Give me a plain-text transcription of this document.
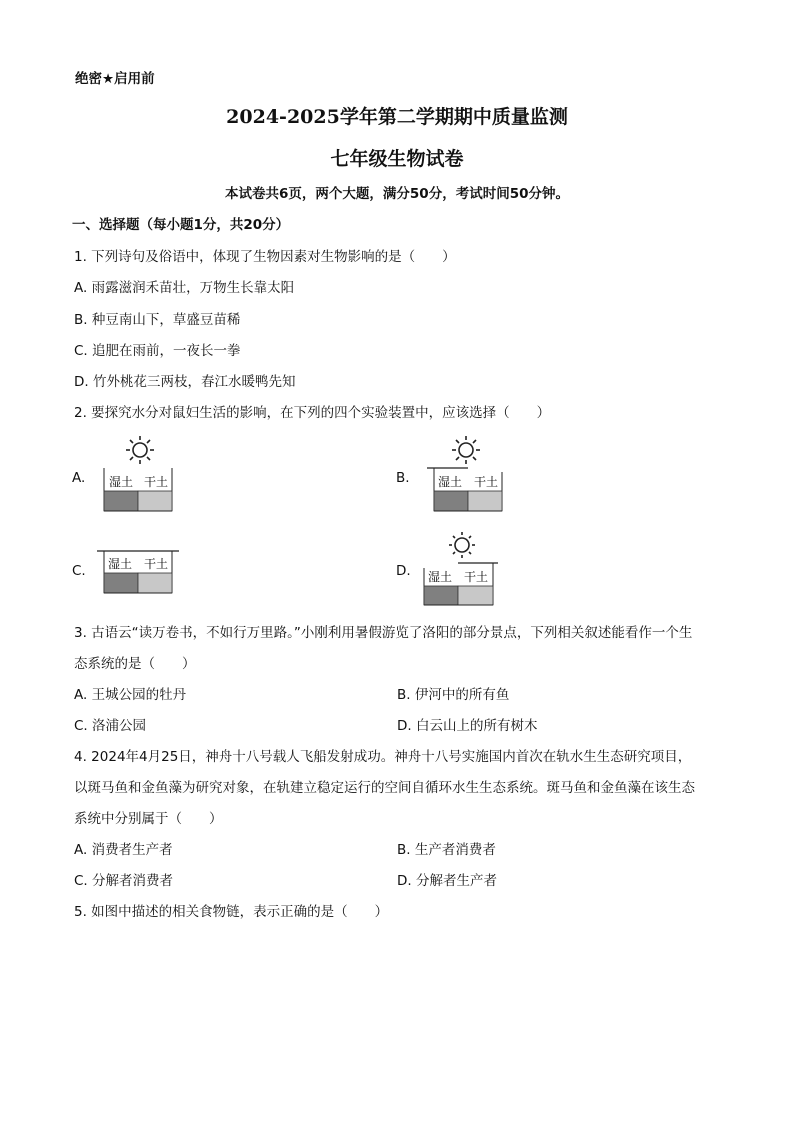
绝密★启用前
2024-2025学年第二学期期中质量监测
七年级生物试卷
本试卷共6页，两个大题，满分50分，考试时间50分钟。
一、选择题（每小题1分，共20分）
1. 下列诗句及俗语中，体现了生物因素对生物影响的是（　　）
A. 雨露滋润禾苗壮，万物生长靠太阳
B. 种豆南山下，草盛豆苗稀
C. 追肥在雨前，一夜长一拳
D. 竹外桃花三两枝，春江水暖鸭先知
2. 要探究水分对鼠妇生活的影响，在下列的四个实验装置中，应该选择（　　）
A.	B.
C.	D.
湿土 干土	湿土 干土
湿土 干土
湿土 干土
3. 古语云“读万卷书，不如行万里路。”小刚利用暑假游览了洛阳的部分景点，下列相关叙述能看作一个生
态系统的是（　　）
A. 王城公园的牡丹	B. 伊河中的所有鱼
C. 洛浦公园	D. 白云山上的所有树木
4. 2024年4月25日，神舟十八号载人飞船发射成功。神舟十八号实施国内首次在轨水生生态研究项目，
以斑马鱼和金鱼藻为研究对象，在轨建立稳定运行的空间自循环水生生态系统。斑马鱼和金鱼藻在该生态
系统中分别属于（　　）
A. 消费者生产者	B. 生产者消费者
C. 分解者消费者	D. 分解者生产者
5. 如图中描述的相关食物链，表示正确的是（　　）
